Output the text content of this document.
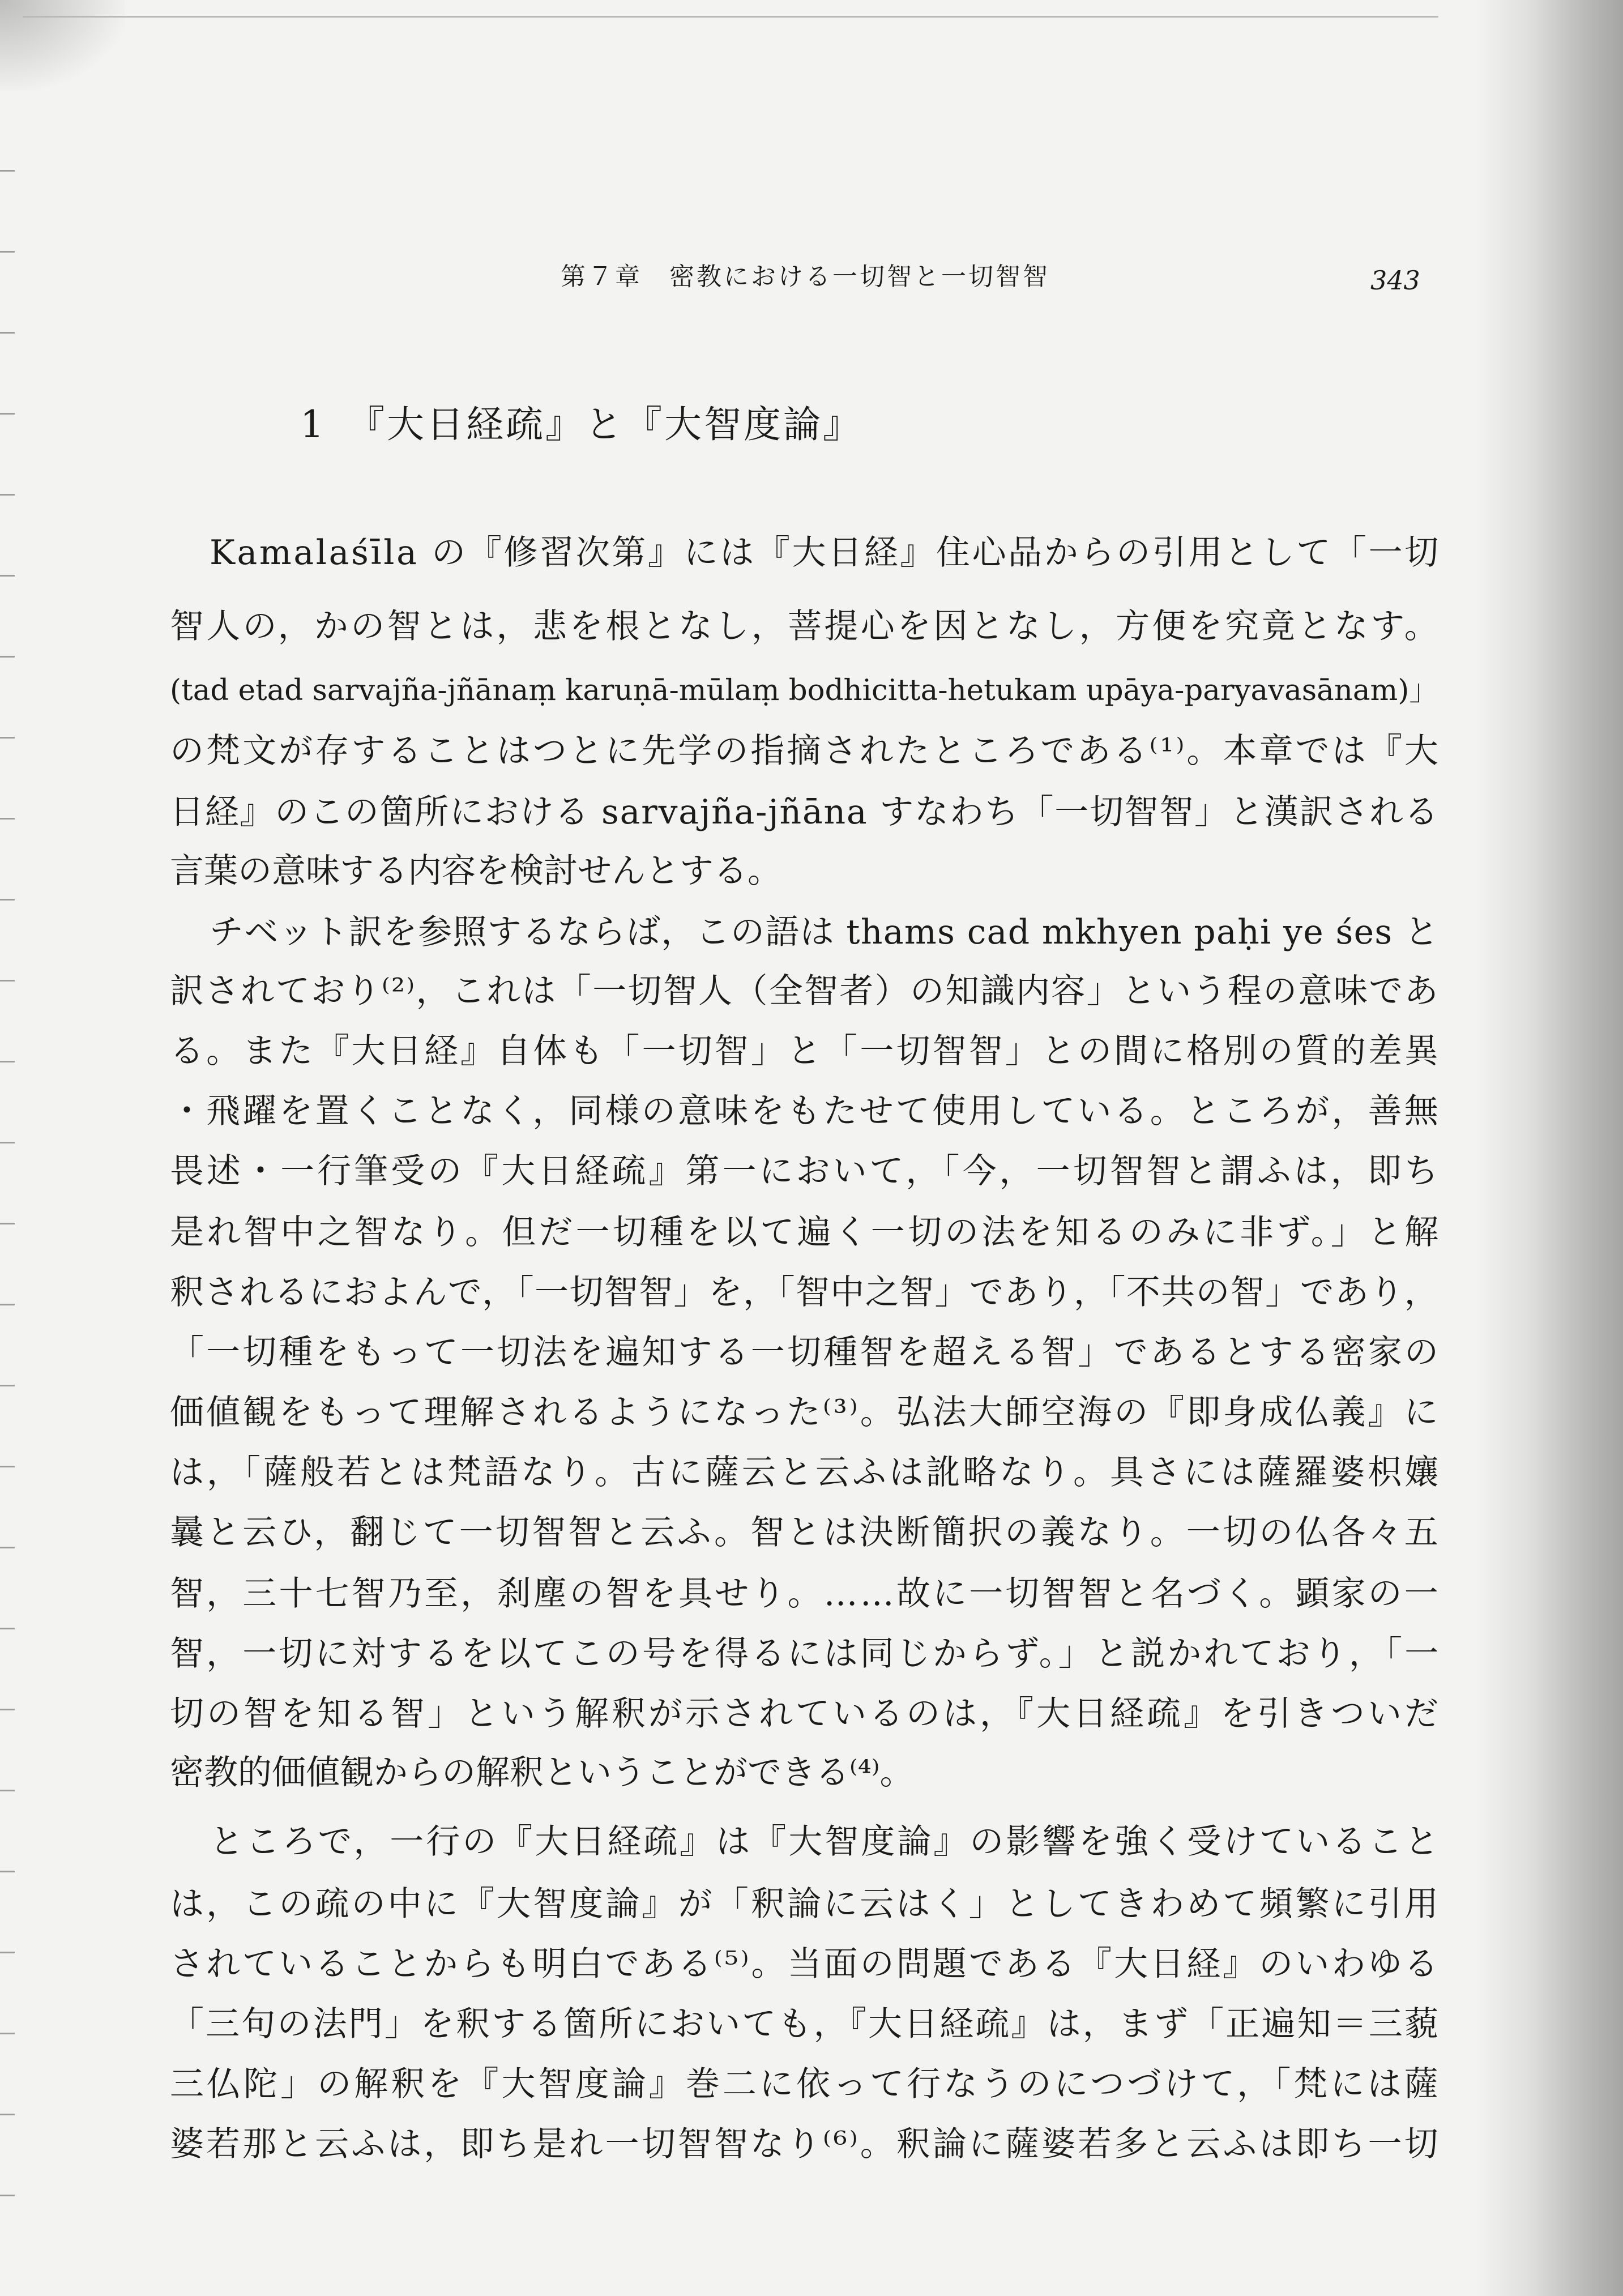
第７章　密教における一切智と一切智智	343
1　『大日経疏』と『大智度論』
Kamalaśīla の『修習次第』には『大日経』住心品からの引用として「一切
智人の，かの智とは，悲を根となし，菩提心を因となし，方便を究竟となす。
(tad etad sarvajña-jñānaṃ karuṇā-mūlaṃ bodhicitta-hetukam upāya-paryavasānam)」
の梵文が存することはつとに先学の指摘されたところである⁽¹⁾。本章では『大
日経』のこの箇所における sarvajña-jñāna すなわち「一切智智」と漢訳される
言葉の意味する内容を検討せんとする。
チベット訳を参照するならば，この語は thams cad mkhyen paḥi ye śes と
訳されており⁽²⁾，これは「一切智人（全智者）の知識内容」という程の意味であ
る。また『大日経』自体も「一切智」と「一切智智」との間に格別の質的差異
・飛躍を置くことなく，同様の意味をもたせて使用している。ところが，善無
畏述・一行筆受の『大日経疏』第一において，「今，一切智智と謂ふは，即ち
是れ智中之智なり。但だ一切種を以て遍く一切の法を知るのみに非ず。」と解
釈されるにおよんで，「一切智智」を，「智中之智」であり，「不共の智」であり，
「一切種をもって一切法を遍知する一切種智を超える智」であるとする密家の
価値観をもって理解されるようになった⁽³⁾。弘法大師空海の『即身成仏義』に
は，「薩般若とは梵語なり。古に薩云と云ふは訛略なり。具さには薩羅婆枳孃
曩と云ひ，翻じて一切智智と云ふ。智とは決断簡択の義なり。一切の仏各々五
智，三十七智乃至，刹塵の智を具せり。……故に一切智智と名づく。顕家の一
智，一切に対するを以てこの号を得るには同じからず。」と説かれており，「一
切の智を知る智」という解釈が示されているのは，『大日経疏』を引きついだ
密教的価値観からの解釈ということができる⁽⁴⁾。
ところで，一行の『大日経疏』は『大智度論』の影響を強く受けていること
は，この疏の中に『大智度論』が「釈論に云はく」としてきわめて頻繁に引用
されていることからも明白である⁽⁵⁾。当面の問題である『大日経』のいわゆる
「三句の法門」を釈する箇所においても，『大日経疏』は，まず「正遍知＝三藐
三仏陀」の解釈を『大智度論』巻二に依って行なうのにつづけて，「梵には薩
婆若那と云ふは，即ち是れ一切智智なり⁽⁶⁾。釈論に薩婆若多と云ふは即ち一切
